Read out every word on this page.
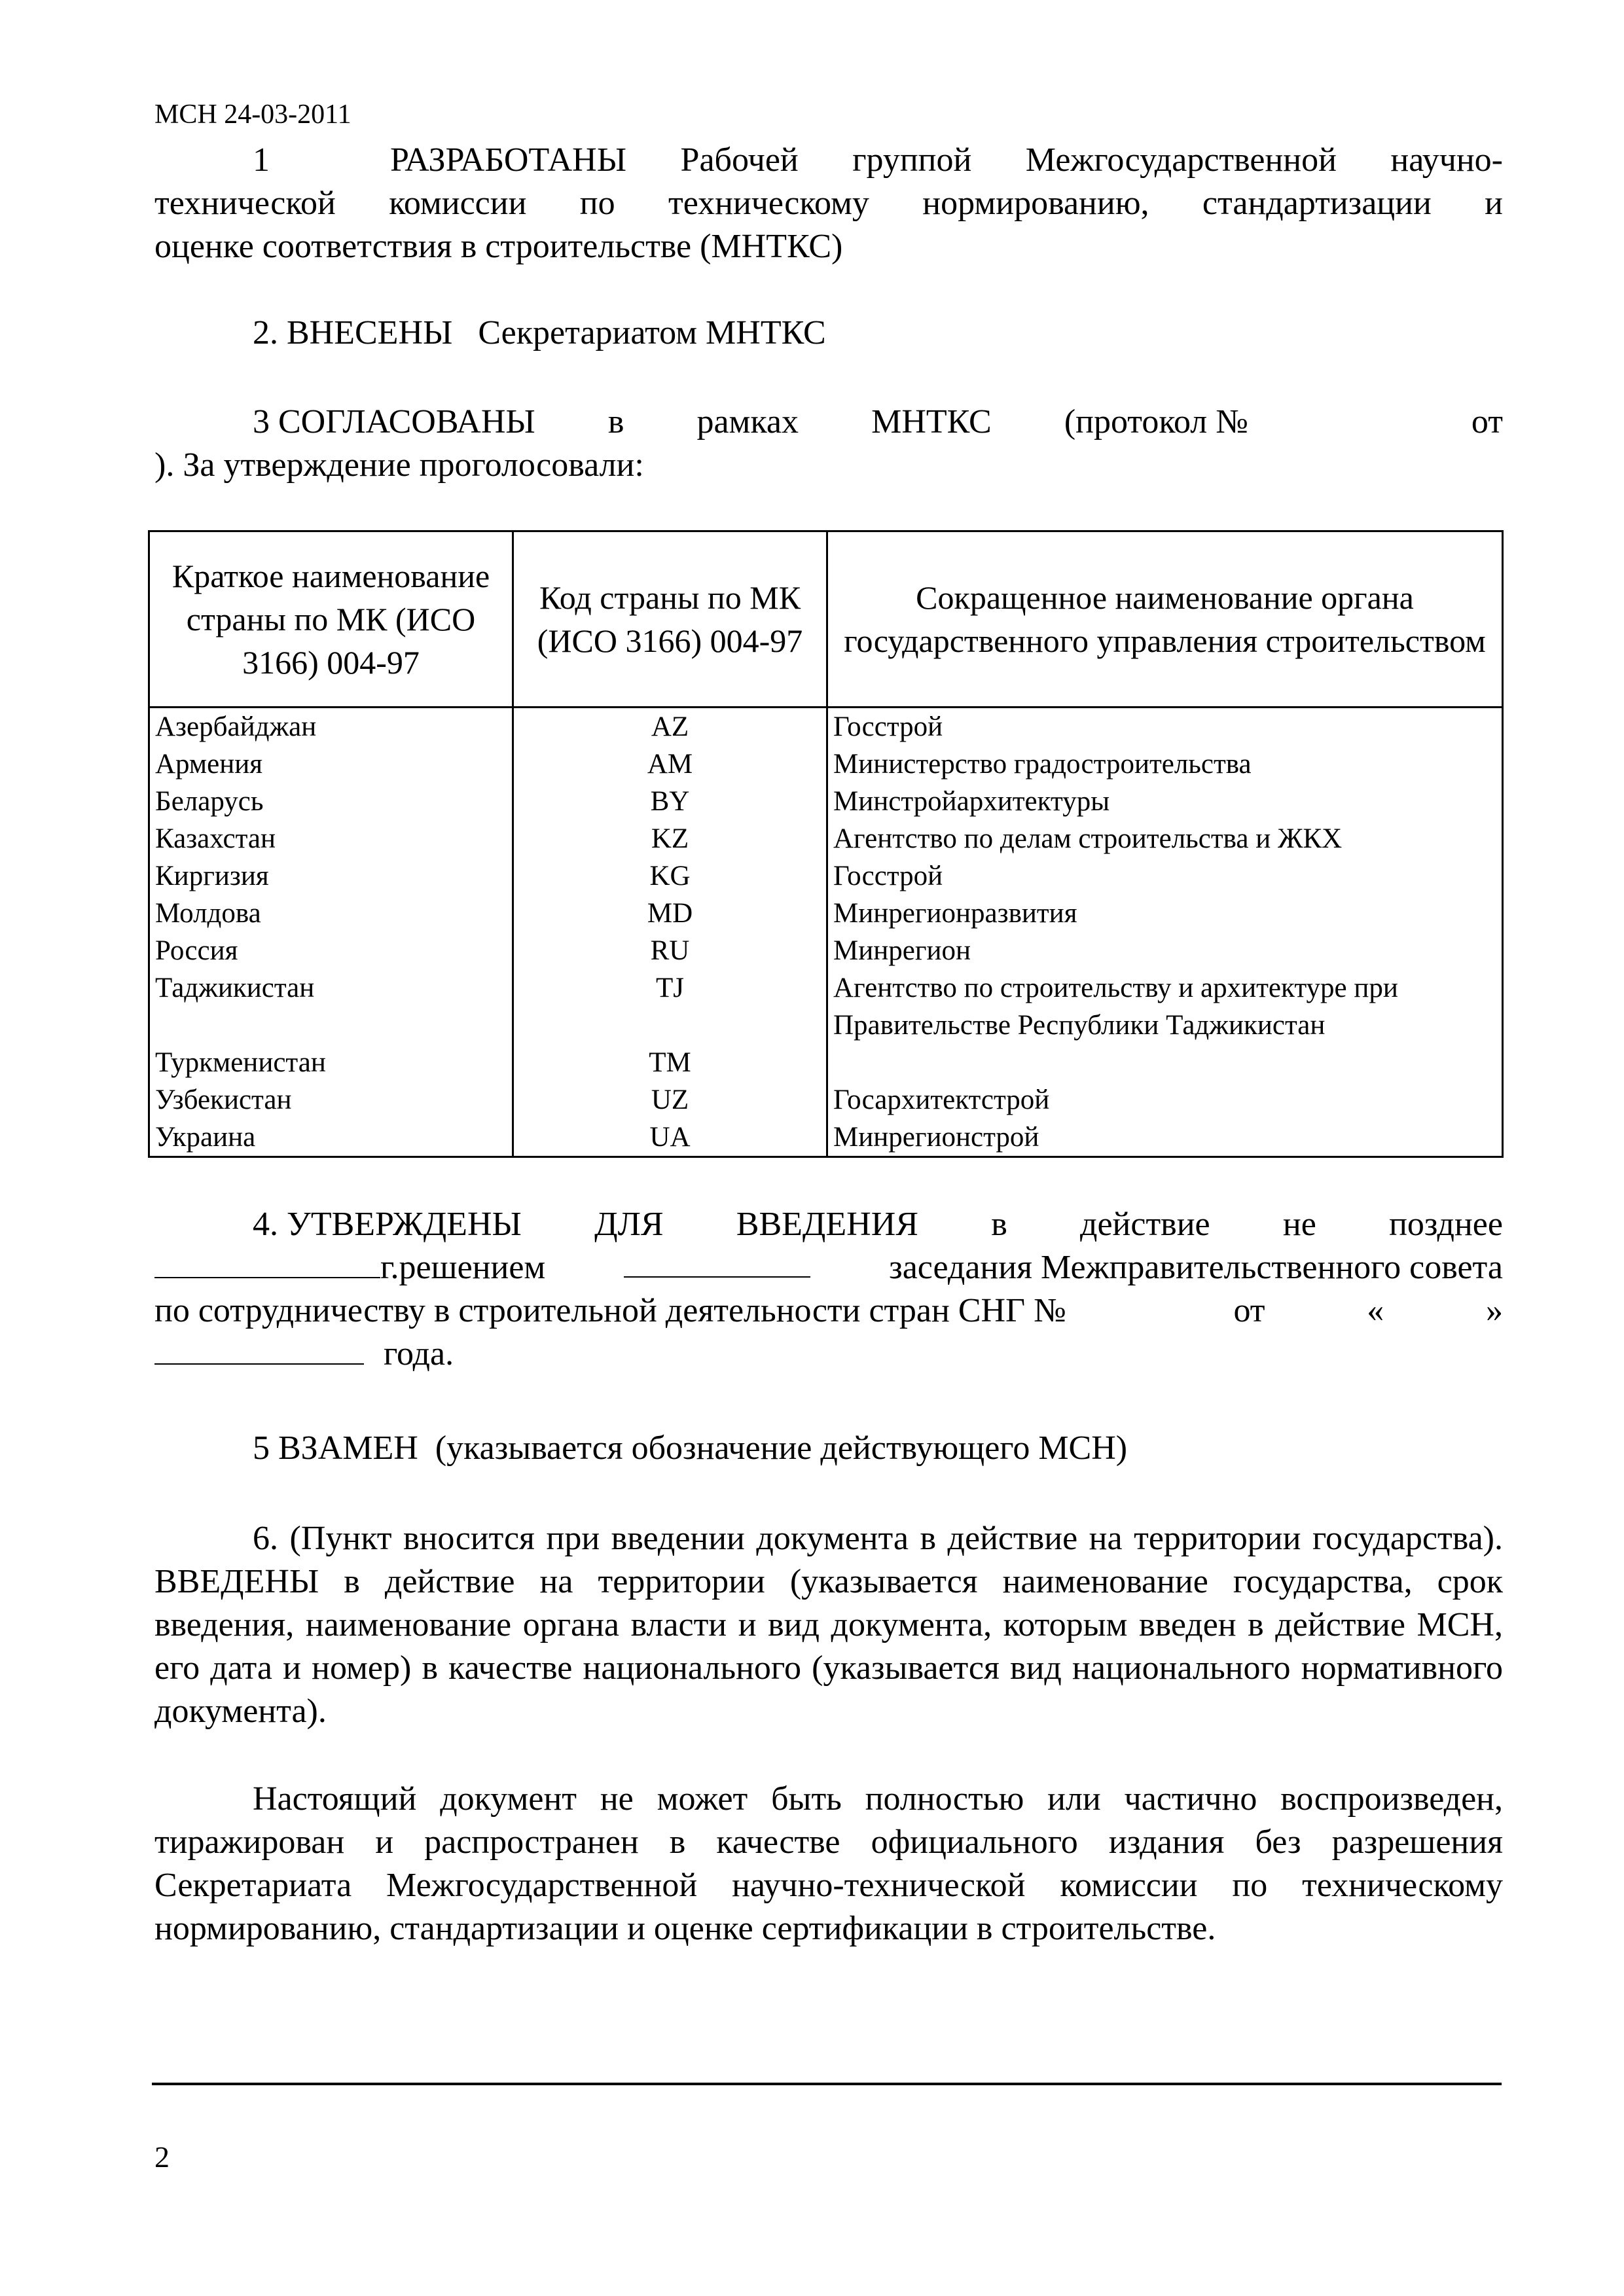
МСН 24-03-2011
1	РАЗРАБОТАНЫ Рабочей группой Межгосударственной научно-
технической комиссии по техническому нормированию, стандартизации и
оценке соответствия в строительстве (МНТКС)
2. ВНЕСЕНЫ   Секретариатом МНТКС
3 СОГЛАСОВАНЫ в рамках МНТКС (протокол №	от
). За утверждение проголосовали:
Краткое наименование страны по МК (ИСО 3166) 004-97	Код страны по МК (ИСО 3166) 004-97	Сокращенное наименование органа государственного управления строительством
Азербайджан	AZ	Госстрой
Армения	AM	Министерство градостроительства
Беларусь	BY	Минстройархитектуры
Казахстан	KZ	Агентство по делам строительства и ЖКХ
Киргизия	KG	Госстрой
Молдова	MD	Минрегионразвития
Россия	RU	Минрегион
Таджикистан	TJ	Агентство по строительству и архитектуре при
		Правительстве Республики Таджикистан
Туркменистан	TM	
Узбекистан	UZ	Госархитектстрой
Украина	UA	Минрегионстрой
4. УТВЕРЖДЕНЫ ДЛЯ ВВЕДЕНИЯ в действие не позднее
г.решением	заседания Межправительственного совета
по сотрудничеству в строительной деятельности стран СНГ №	от	«	»
года.
5 ВЗАМЕН  (указывается обозначение действующего МСН)

6. (Пункт вносится при введении документа в действие на территории государства). ВВЕДЕНЫ в действие на территории (указывается наименование государства, срок введения, наименование органа власти и вид документа, которым введен в действие МСН, его дата и номер) в качестве национального (указывается вид национального нормативного документа).

Настоящий документ не может быть полностью или частично воспроизведен, тиражирован и распространен в качестве официального издания без разрешения Секретариата Межгосударственной научно-технической комиссии по техническому нормированию, стандартизации и оценке сертификации в строительстве.

2
